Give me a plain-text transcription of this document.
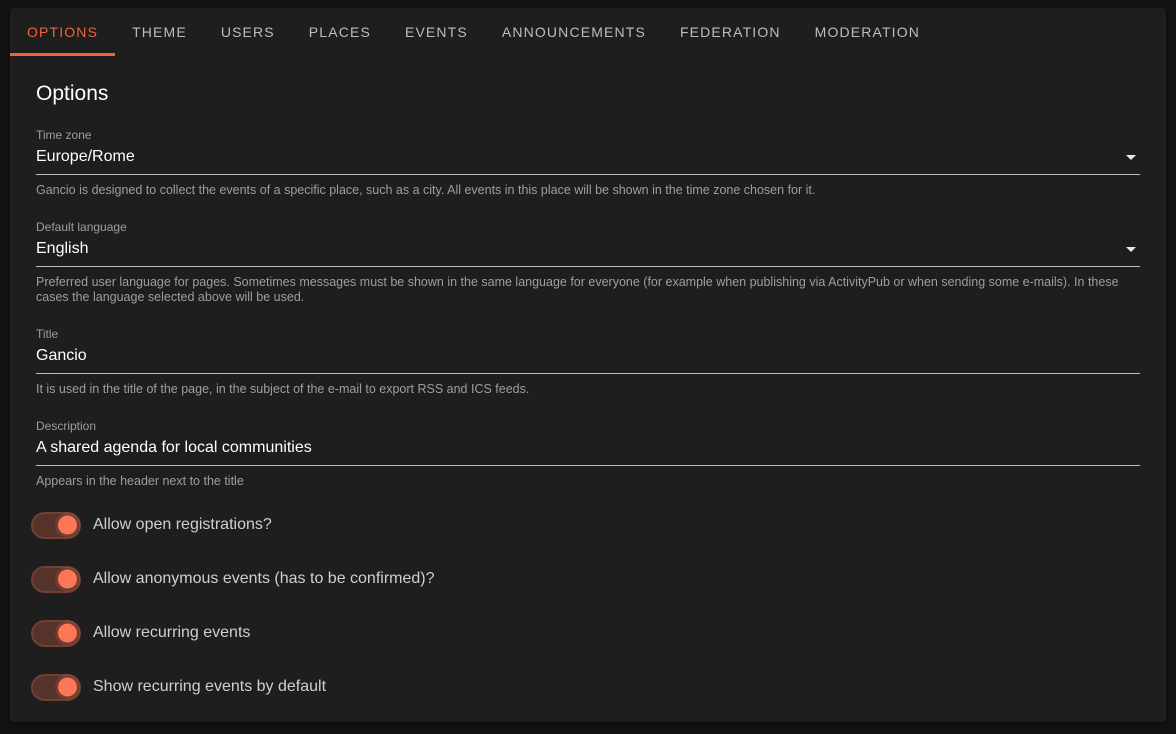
OPTIONS THEME USERS PLACES EVENTS ANNOUNCEMENTS FEDERATION MODERATION
Options
Time zone
Europe/Rome
Gancio is designed to collect the events of a specific place, such as a city. All events in this place will be shown in the time zone chosen for it.
Default language
English
Preferred user language for pages. Sometimes messages must be shown in the same language for everyone (for example when publishing via ActivityPub or when sending some e-mails). In these cases the language selected above will be used.
Title
Gancio
It is used in the title of the page, in the subject of the e-mail to export RSS and ICS feeds.
Description
A shared agenda for local communities
Appears in the header next to the title
Allow open registrations?
Allow anonymous events (has to be confirmed)?
Allow recurring events
Show recurring events by default
